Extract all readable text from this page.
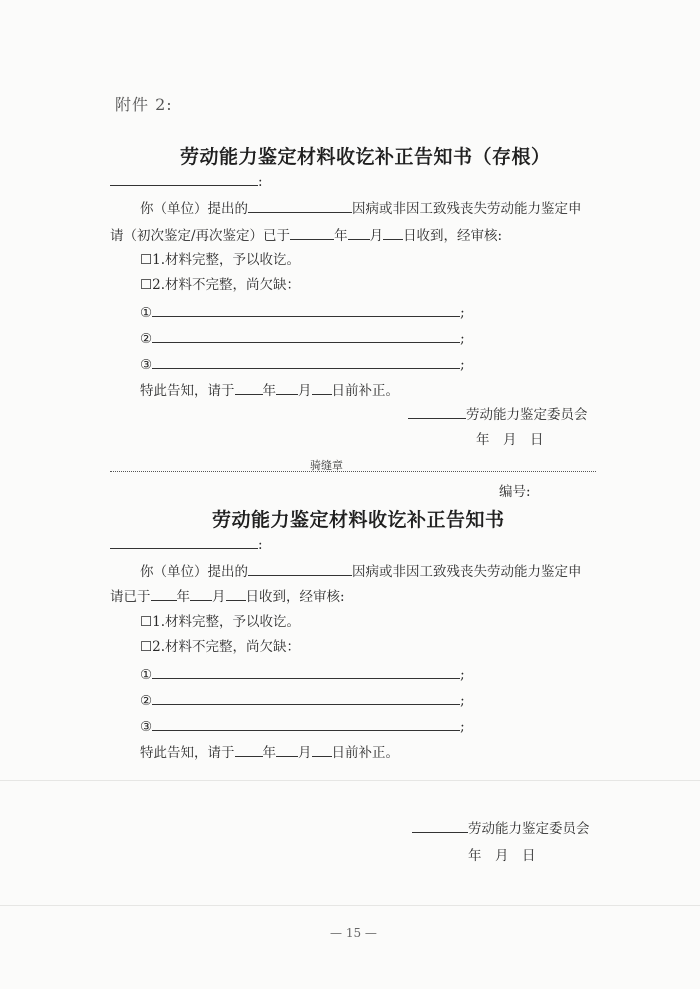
附件 2:
劳动能力鉴定材料收讫补正告知书（存根）
:
你（单位）提出的	因病或非因工致残丧失劳动能力鉴定申
请（初次鉴定/再次鉴定）已于	年 月 日收到，经审核:
☐1.材料完整，予以收讫。
☐2.材料不完整，尚欠缺：
①	;
②	;
③	;
特此告知，请于 年 月 日前补正。
劳动能力鉴定委员会
年　月　日
骑缝章
编号:
劳动能力鉴定材料收讫补正告知书
:
你（单位）提出的	因病或非因工致残丧失劳动能力鉴定申
请已于 年 月 日收到，经审核:
☐1.材料完整，予以收讫。
☐2.材料不完整，尚欠缺：
①	;
②	;
③	;
特此告知，请于 年 月 日前补正。
劳动能力鉴定委员会
年　月　日
— 15 —
